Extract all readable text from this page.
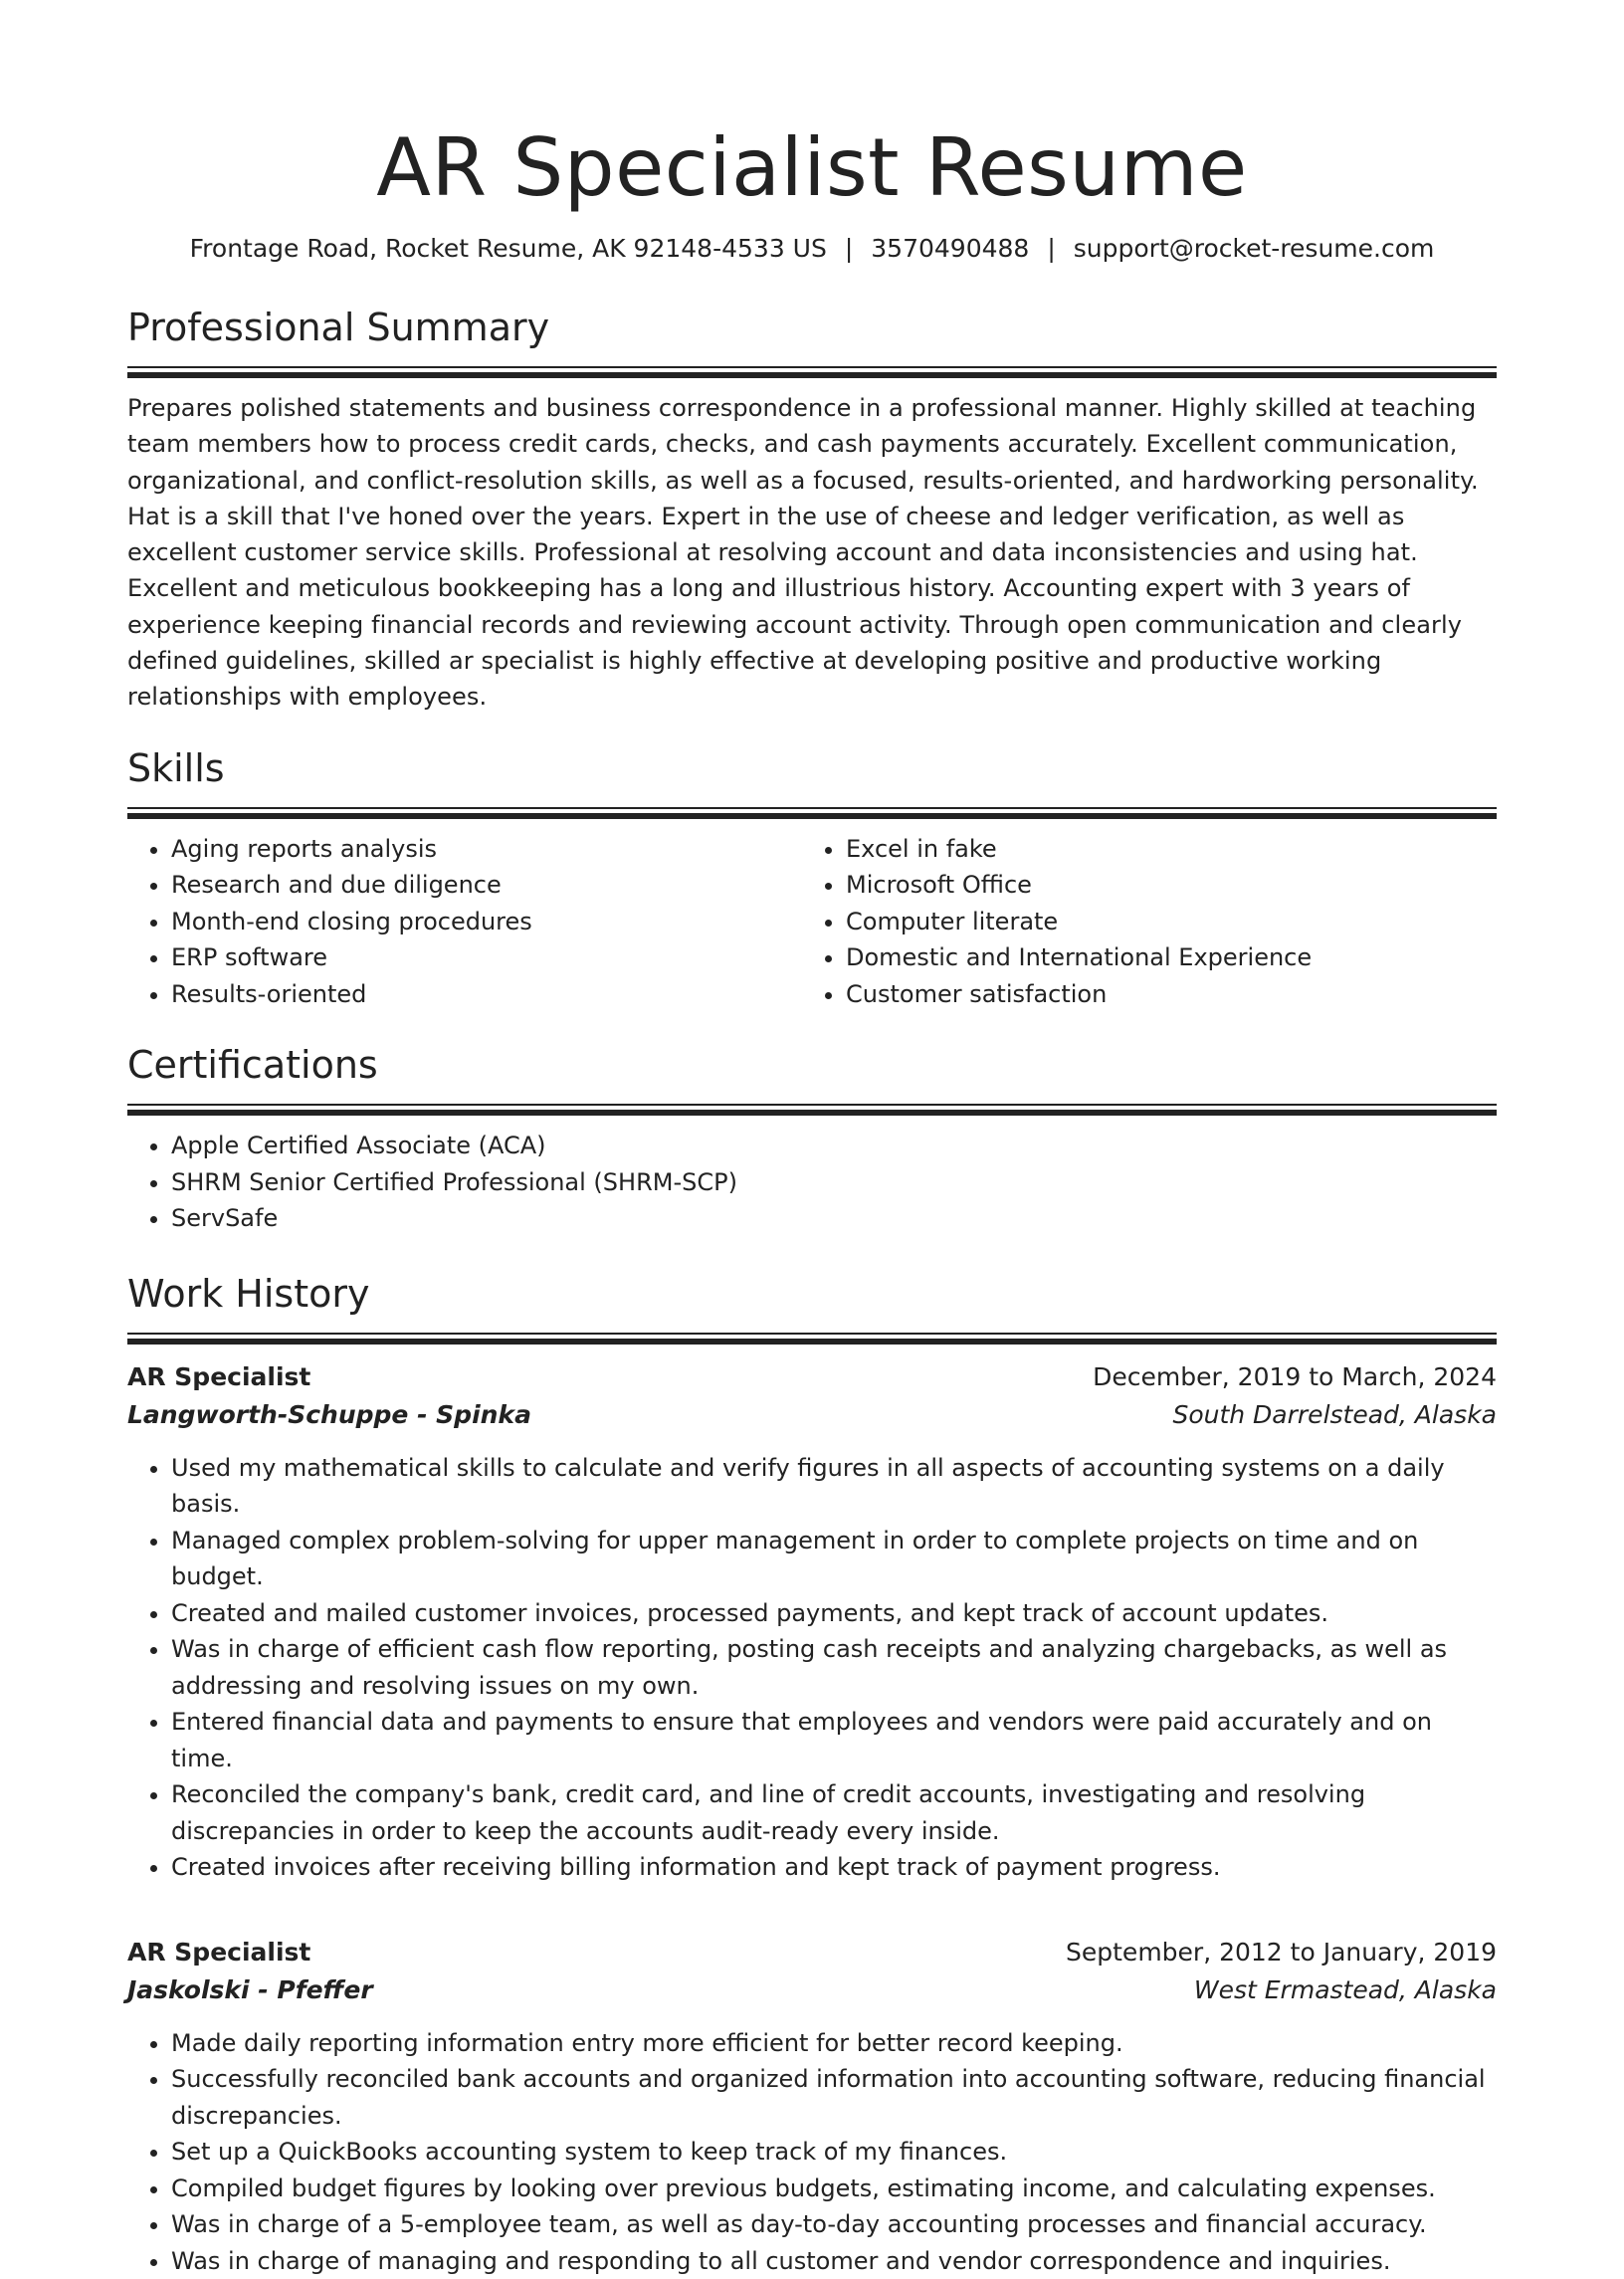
AR Specialist Resume
Frontage Road, Rocket Resume, AK 92148-4533 US | 3570490488 | support@rocket-resume.com
Professional Summary

Prepares polished statements and business correspondence in a professional manner. Highly skilled at teaching team members how to process credit cards, checks, and cash payments accurately. Excellent communication, organizational, and conflict-resolution skills, as well as a focused, results-oriented, and hardworking personality. Hat is a skill that I've honed over the years. Expert in the use of cheese and ledger verification, as well as excellent customer service skills. Professional at resolving account and data inconsistencies and using hat. Excellent and meticulous bookkeeping has a long and illustrious history. Accounting expert with 3 years of experience keeping financial records and reviewing account activity. Through open communication and clearly defined guidelines, skilled ar specialist is highly effective at developing positive and productive working relationships with employees.

Skills
• Aging reports analysis
• Research and due diligence
• Month-end closing procedures
• ERP software
• Results-oriented
• Excel in fake
• Microsoft Office
• Computer literate
• Domestic and International Experience
• Customer satisfaction
Certifications
• Apple Certified Associate (ACA)
• SHRM Senior Certified Professional (SHRM-SCP)
• ServSafe
Work History
AR Specialist	December, 2019 to March, 2024
Langworth-Schuppe - Spinka	South Darrelstead, Alaska
• Used my mathematical skills to calculate and verify figures in all aspects of accounting systems on a daily basis.
• Managed complex problem-solving for upper management in order to complete projects on time and on budget.
• Created and mailed customer invoices, processed payments, and kept track of account updates.
• Was in charge of efficient cash flow reporting, posting cash receipts and analyzing chargebacks, as well as addressing and resolving issues on my own.
• Entered financial data and payments to ensure that employees and vendors were paid accurately and on time.
• Reconciled the company's bank, credit card, and line of credit accounts, investigating and resolving discrepancies in order to keep the accounts audit-ready every inside.
• Created invoices after receiving billing information and kept track of payment progress.
AR Specialist	September, 2012 to January, 2019
Jaskolski - Pfeffer	West Ermastead, Alaska
• Made daily reporting information entry more efficient for better record keeping.
• Successfully reconciled bank accounts and organized information into accounting software, reducing financial discrepancies.
• Set up a QuickBooks accounting system to keep track of my finances.
• Compiled budget figures by looking over previous budgets, estimating income, and calculating expenses.
• Was in charge of a 5-employee team, as well as day-to-day accounting processes and financial accuracy.
• Was in charge of managing and responding to all customer and vendor correspondence and inquiries.
